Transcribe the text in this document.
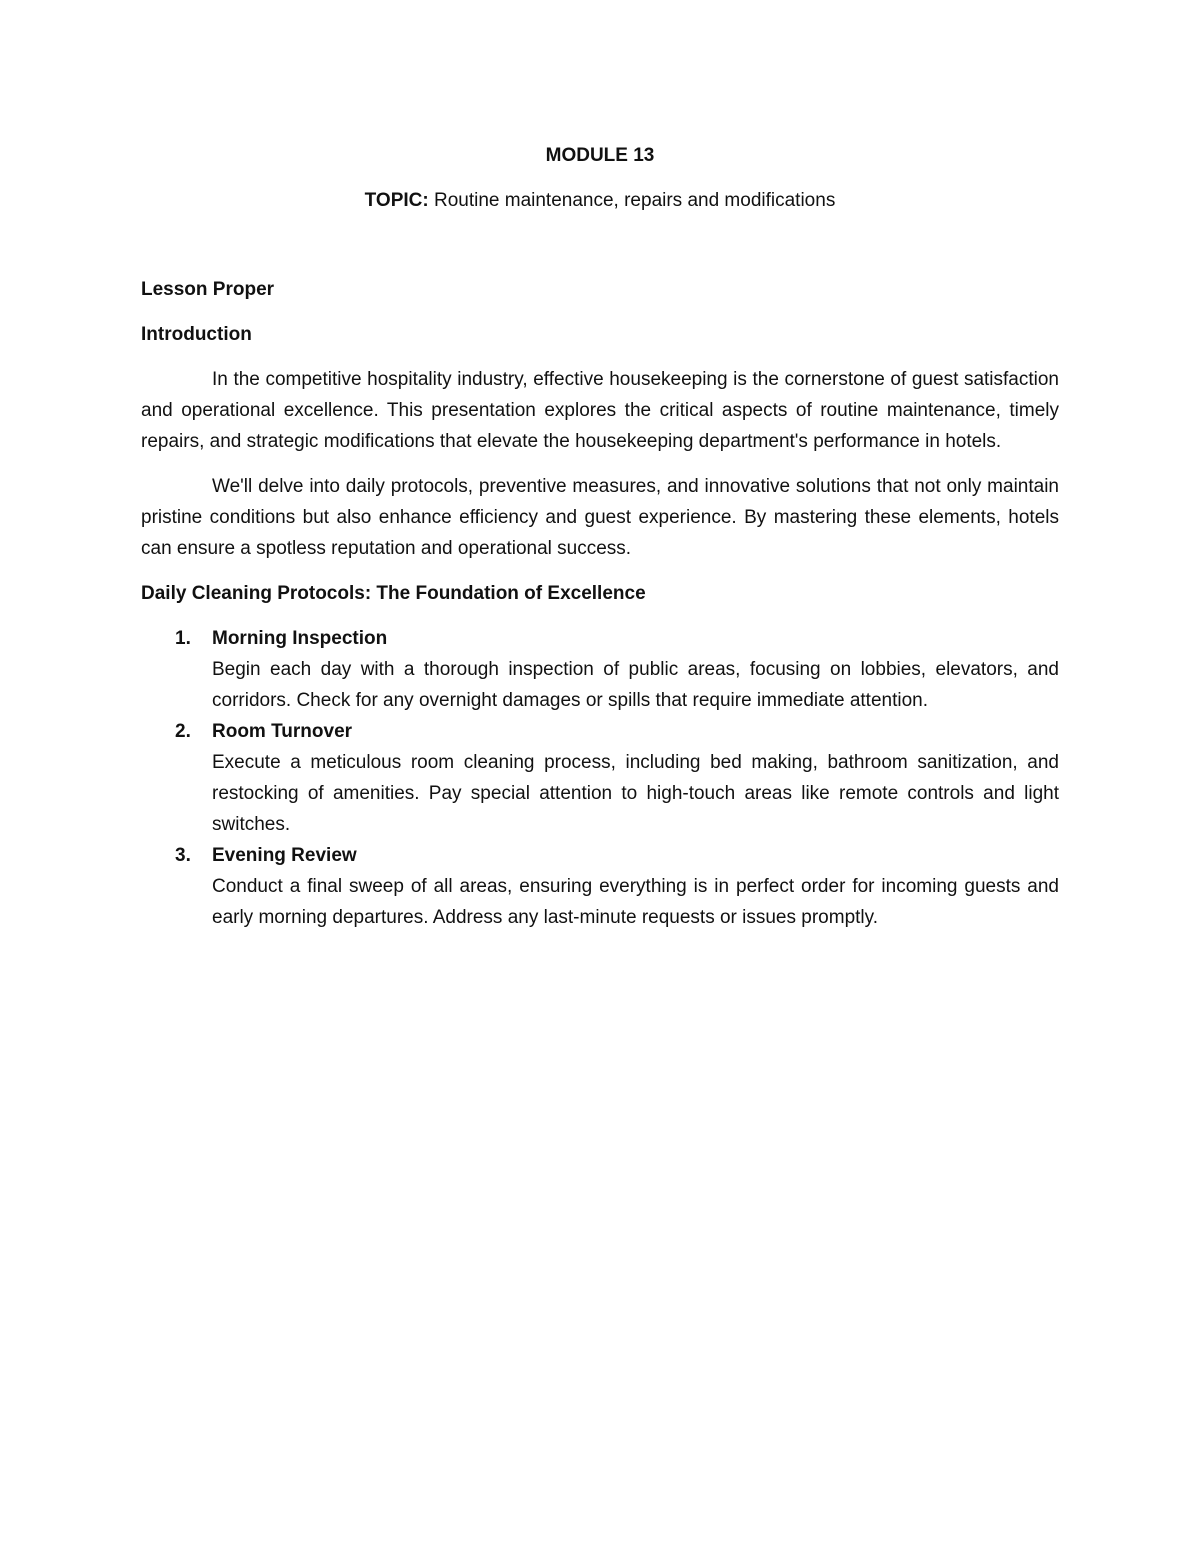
MODULE 13

TOPIC: Routine maintenance, repairs and modifications

Lesson Proper

Introduction

In the competitive hospitality industry, effective housekeeping is the cornerstone of guest satisfaction and operational excellence. This presentation explores the critical aspects of routine maintenance, timely repairs, and strategic modifications that elevate the housekeeping department's performance in hotels.

We'll delve into daily protocols, preventive measures, and innovative solutions that not only maintain pristine conditions but also enhance efficiency and guest experience. By mastering these elements, hotels can ensure a spotless reputation and operational success.

Daily Cleaning Protocols: The Foundation of Excellence

1. Morning Inspection
Begin each day with a thorough inspection of public areas, focusing on lobbies, elevators, and corridors. Check for any overnight damages or spills that require immediate attention.
2. Room Turnover
Execute a meticulous room cleaning process, including bed making, bathroom sanitization, and restocking of amenities. Pay special attention to high-touch areas like remote controls and light switches.
3. Evening Review
Conduct a final sweep of all areas, ensuring everything is in perfect order for incoming guests and early morning departures. Address any last-minute requests or issues promptly.
